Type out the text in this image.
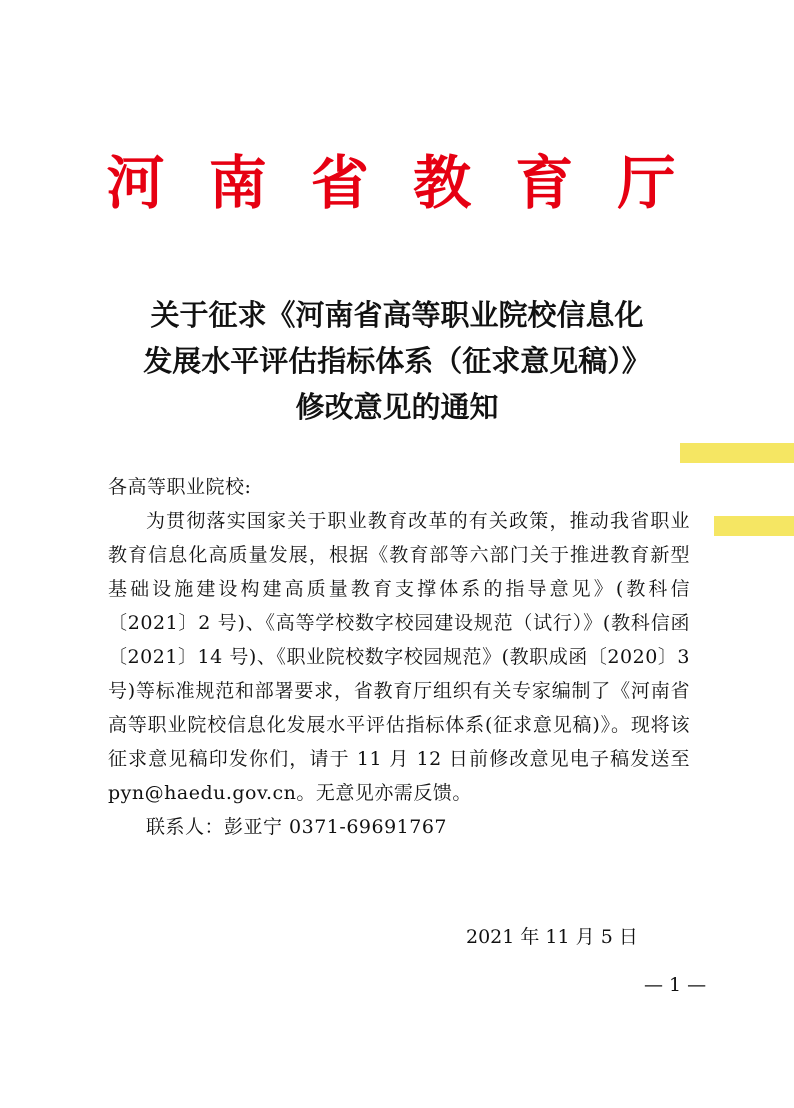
河 南 省 教 育 厅
关于征求《河南省高等职业院校信息化
发展水平评估指标体系（征求意见稿）》
修改意见的通知

各高等职业院校:

为贯彻落实国家关于职业教育改革的有关政策，推动我省职业教育信息化高质量发展，根据《教育部等六部门关于推进教育新型基础设施建设构建高质量教育支撑体系的指导意见》(教科信〔2021〕2 号)、《高等学校数字校园建设规范（试行）》(教科信函〔2021〕14 号)、《职业院校数字校园规范》(教职成函〔2020〕3 号)等标准规范和部署要求，省教育厅组织有关专家编制了《河南省高等职业院校信息化发展水平评估指标体系(征求意见稿)》。现将该征求意见稿印发你们，请于 11 月 12 日前修改意见电子稿发送至 pyn@haedu.gov.cn。无意见亦需反馈。

联系人：彭亚宁 0371-69691767

2021 年 11 月 5 日
— 1 —
